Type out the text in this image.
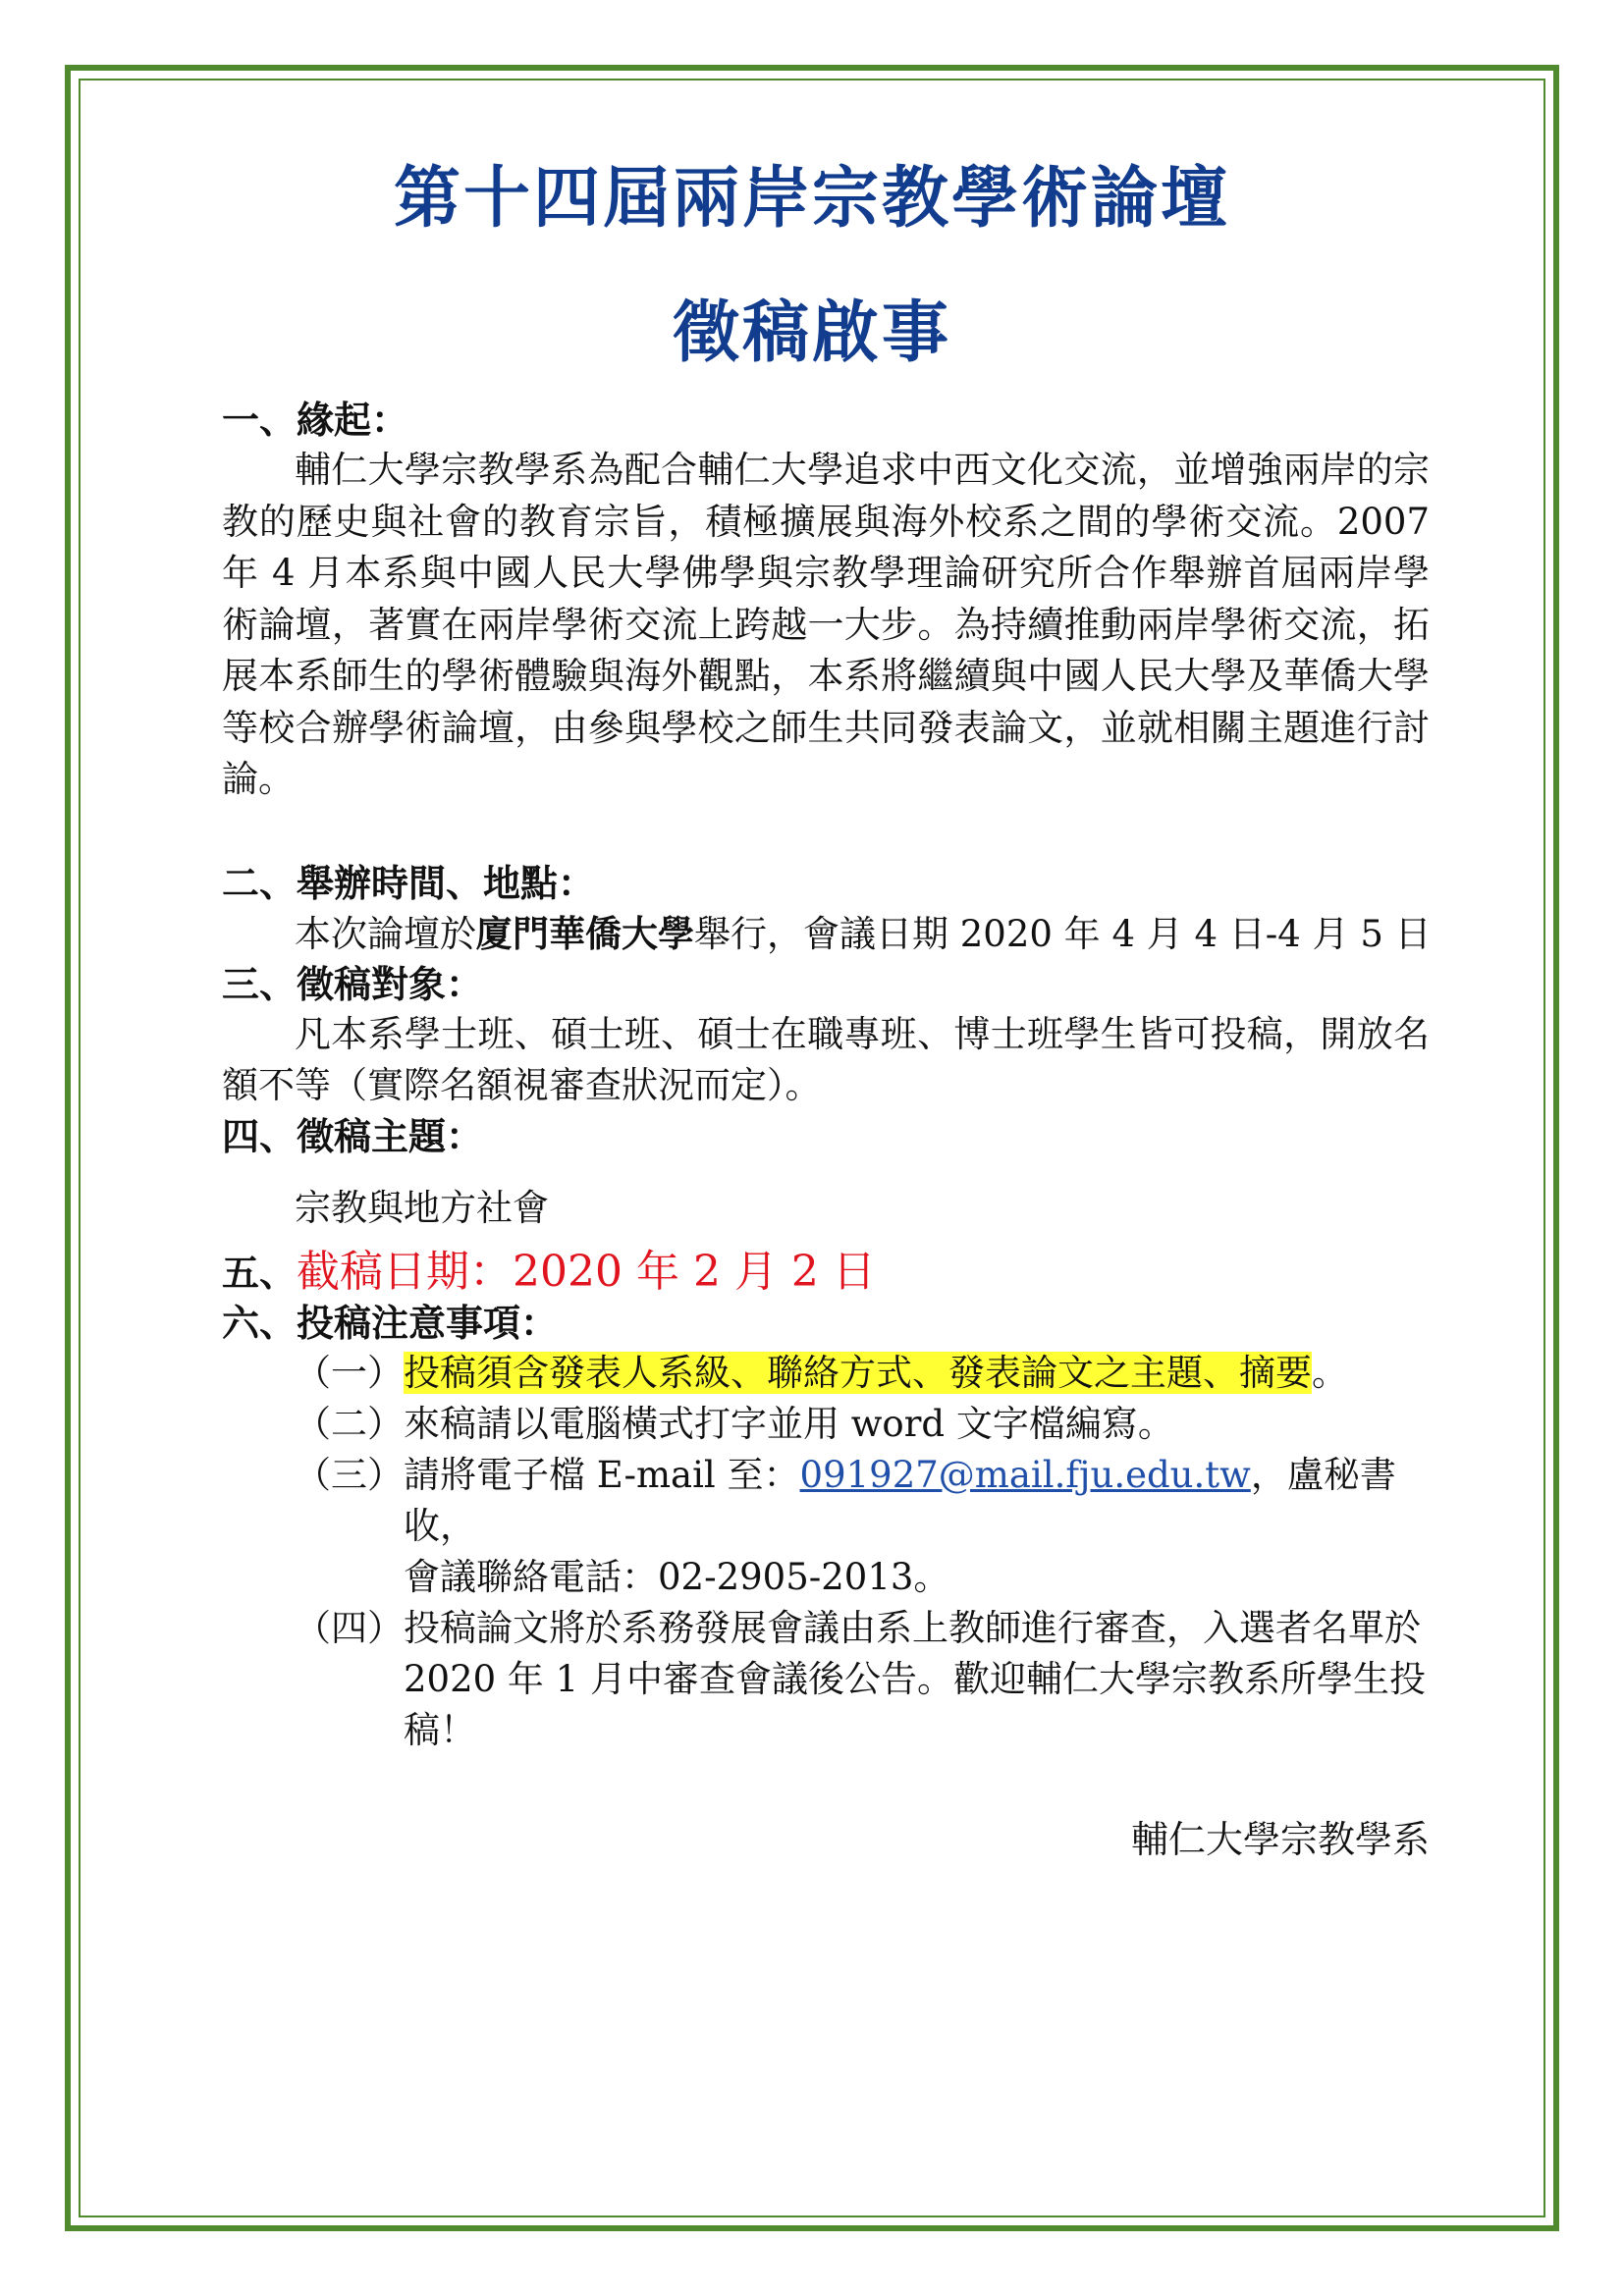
第十四屆兩岸宗教學術論壇
徵稿啟事
一、緣起：
輔仁大學宗教學系為配合輔仁大學追求中西文化交流，並增強兩岸的宗教的歷史與社會的教育宗旨，積極擴展與海外校系之間的學術交流。2007 年 4 月本系與中國人民大學佛學與宗教學理論研究所合作舉辦首屆兩岸學術論壇，著實在兩岸學術交流上跨越一大步。為持續推動兩岸學術交流，拓展本系師生的學術體驗與海外觀點，本系將繼續與中國人民大學及華僑大學等校合辦學術論壇，由參與學校之師生共同發表論文，並就相關主題進行討論。
二、舉辦時間、地點：
本次論壇於廈門華僑大學舉行，會議日期 2020 年 4 月 4 日-4 月 5 日
三、徵稿對象：
凡本系學士班、碩士班、碩士在職專班、博士班學生皆可投稿，開放名額不等（實際名額視審查狀況而定）。
四、徵稿主題：
宗教與地方社會
五、截稿日期：2020 年 2 月 2 日
六、投稿注意事項：
（一） 投稿須含發表人系級、聯絡方式、發表論文之主題、摘要。
（二） 來稿請以電腦橫式打字並用 word 文字檔編寫。
（三） 請將電子檔 E-mail 至：091927@mail.fju.edu.tw，盧秘書收，
會議聯絡電話：02-2905-2013。
（四） 投稿論文將於系務發展會議由系上教師進行審查，入選者名單於 2020 年 1 月中審查會議後公告。歡迎輔仁大學宗教系所學生投稿！
輔仁大學宗教學系
